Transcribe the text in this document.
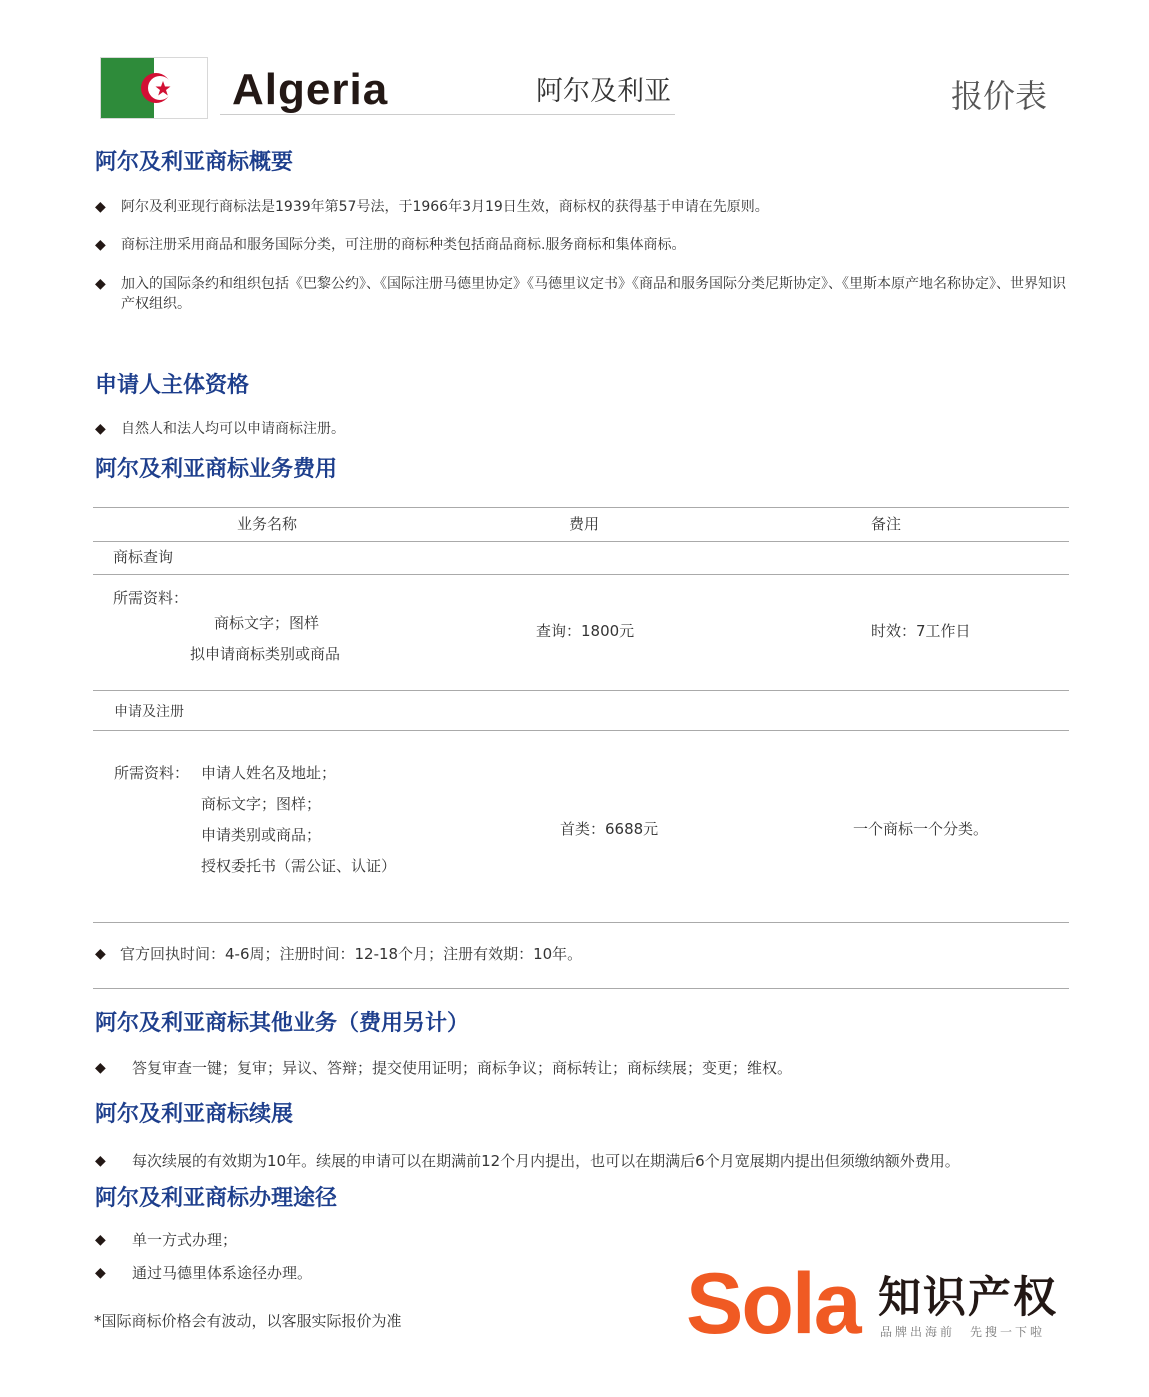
Algeria	阿尔及利亚	报价表
阿尔及利亚商标概要
◆ 阿尔及利亚现行商标法是1939年第57号法，于1966年3月19日生效，商标权的获得基于申请在先原则。
◆ 商标注册采用商品和服务国际分类，可注册的商标种类包括商品商标.服务商标和集体商标。
◆ 加入的国际条约和组织包括《巴黎公约》、《国际注册马德里协定》《马德里议定书》《商品和服务国际分类尼斯协定》、《里斯本原产地名称协定》、世界知识产权组织。
申请人主体资格
◆ 自然人和法人均可以申请商标注册。
阿尔及利亚商标业务费用
业务名称	费用	备注
商标查询
所需资料：
商标文字；图样
拟申请商标类别或商品
查询：1800元	时效：7工作日
申请及注册
所需资料： 申请人姓名及地址；
商标文字；图样；
申请类别或商品；
授权委托书（需公证、认证）
首类：6688元	一个商标一个分类。
◆ 官方回执时间：4-6周；注册时间：12-18个月；注册有效期：10年。
阿尔及利亚商标其他业务（费用另计）
◆ 答复审查一键；复审；异议、答辩；提交使用证明；商标争议；商标转让；商标续展；变更；维权。
阿尔及利亚商标续展
◆ 每次续展的有效期为10年。续展的申请可以在期满前12个月内提出，也可以在期满后6个月宽展期内提出但须缴纳额外费用。
阿尔及利亚商标办理途径
◆ 单一方式办理；
◆ 通过马德里体系途径办理。
*国际商标价格会有波动，以客服实际报价为准	Sola 知识产权
品牌出海前　先搜一下啦
